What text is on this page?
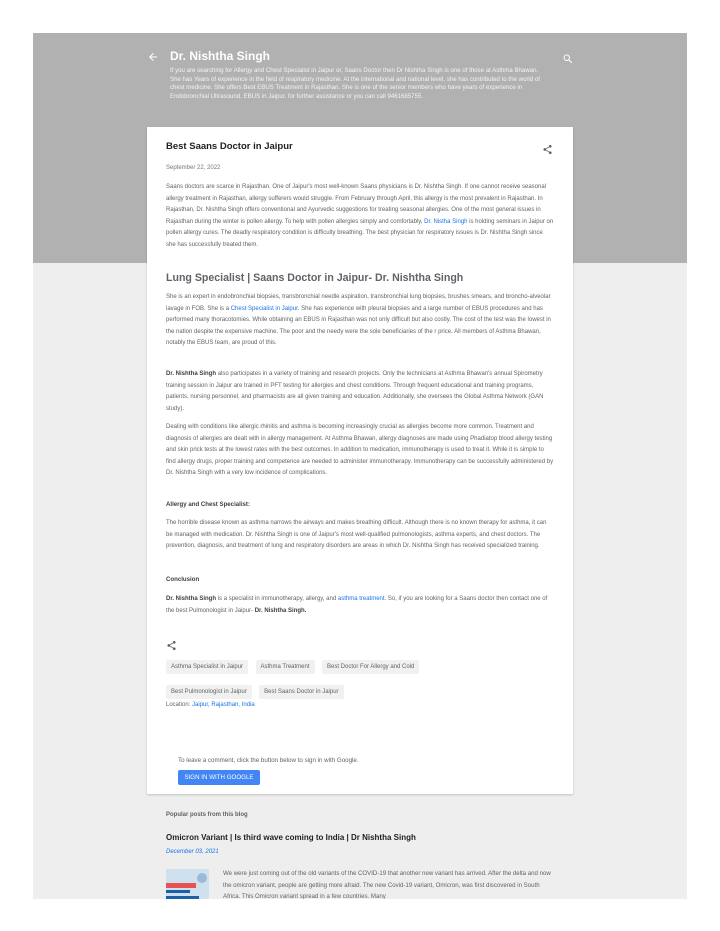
Dr. Nishtha Singh
If you are searching for Allergy and Chest Specialist in Jaipur or, Saans Doctor then Dr Nishtha Singh is one of those at Asthma Bhawan. She has Years of experience in the field of respiratory medicine. At the international and national level, she has contributed to the world of chest medicine. She offers Best EBUS Treatment in Rajasthan. She is one of the senior members who have years of experience in Endobronchial Ultrasound. EBUS in Jaipur. for further assistance or you can call 9461685755.
Best Saans Doctor in Jaipur
September 22, 2022

Saans doctors are scarce in Rajasthan. One of Jaipur's most well-known Saans physicians is Dr. Nishtha Singh. If one cannot receive seasonal allergy treatment in Rajasthan, allergy sufferers would struggle. From February through April, this allergy is the most prevalent in Rajasthan. In Rajasthan, Dr. Nishtha Singh offers conventional and Ayurvedic suggestions for treating seasonal allergies. One of the most general issues in Rajasthan during the winter is pollen allergy. To help with pollen allergies simply and comfortably, Dr. Nistha Singh is holding seminars in Jaipur on pollen allergy cures. The deadly respiratory condition is difficulty breathing. The best physician for respiratory issues is Dr. Nishtha Singh since she has successfully treated them.

Lung Specialist | Saans Doctor in Jaipur- Dr. Nishtha Singh

She is an expert in endobronchial biopsies, transbronchial needle aspiration, transbronchial lung biopsies, brushes smears, and broncho-alveolar lavage in FOB. She is a Chest Specialist in Jaipur. She has experience with pleural biopsies and a large number of EBUS procedures and has performed many thoracotomies. While obtaining an EBUS in Rajasthan was not only difficult but also costly. The cost of the test was the lowest in the nation despite the expensive machine. The poor and the needy were the sole beneficiaries of the r price. All members of Asthma Bhawan, notably the EBUS team, are proud of this.

Dr. Nishtha Singh also participates in a variety of training and research projects. Only the technicians at Asthma Bhawan's annual Spirometry training session in Jaipur are trained in PFT testing for allergies and chest conditions. Through frequent educational and training programs, patients, nursing personnel, and pharmacists are all given training and education. Additionally, she oversees the Global Asthma Network (GAN study).

Dealing with conditions like allergic rhinitis and asthma is becoming increasingly crucial as allergies become more common. Treatment and diagnosis of allergies are dealt with in allergy management. At Asthma Bhawan, allergy diagnoses are made using Phadiatop blood allergy testing and skin prick tests at the lowest rates with the best outcomes. In addition to medication, immunotherapy is used to treat it. While it is simple to find allergy drugs, proper training and competence are needed to administer immunotherapy. Immunotherapy can be successfully administered by Dr. Nishtha Singh with a very low incidence of complications.

Allergy and Chest Specialist:

The horrible disease known as asthma narrows the airways and makes breathing difficult. Although there is no known therapy for asthma, it can be managed with medication. Dr. Nishtha Singh is one of Jaipur's most well-qualified pulmonologists, asthma experts, and chest doctors. The prevention, diagnosis, and treatment of lung and respiratory disorders are areas in which Dr. Nishtha Singh has received specialized training.

Conclusion

Dr. Nishtha Singh is a specialist in immunotherapy, allergy, and asthma treatment. So, if you are looking for a Saans doctor then contact one of the best Pulmonologist in Jaipur- Dr. Nishtha Singh.

Asthma Specialist in Jaipur	Asthma Treatment	Best Doctor For Allergy and Cold
Best Pulmonologist in Jaipur	Best Saans Doctor in Jaipur
Location: Jaipur, Rajasthan, India
To leave a comment, click the button below to sign in with Google.
SIGN IN WITH GOOGLE
Popular posts from this blog
Omicron Variant | Is third wave coming to India | Dr Nishtha Singh
December 03, 2021
We were just coming out of the old variants of the COVID-19 that another new variant has arrived. After the delta and now the omicron variant, people are getting more afraid. The new Covid-19 variant, Omicron, was first discovered in South Africa. This Omicron variant spread in a few countries. Many
